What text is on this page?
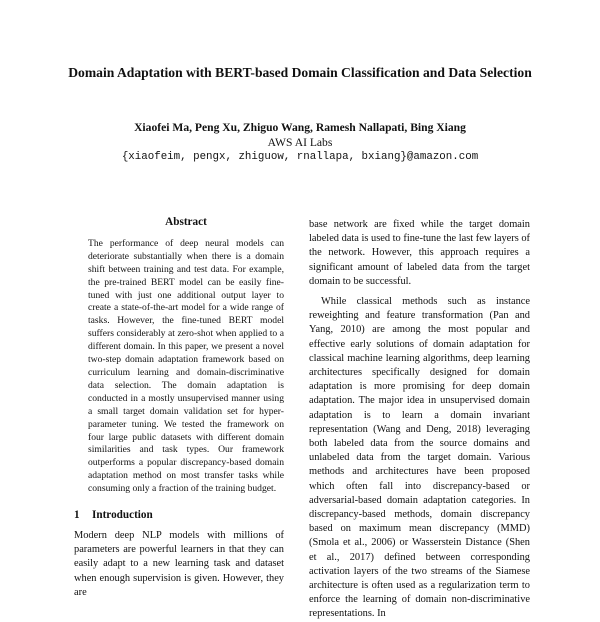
Domain Adaptation with BERT-based Domain Classification and Data Selection
Xiaofei Ma, Peng Xu, Zhiguo Wang, Ramesh Nallapati, Bing Xiang
AWS AI Labs
{xiaofeim, pengx, zhiguow, rnallapa, bxiang}@amazon.com
Abstract

The performance of deep neural models can deteriorate substantially when there is a domain shift between training and test data. For example, the pre-trained BERT model can be easily fine-tuned with just one additional output layer to create a state-of-the-art model for a wide range of tasks. However, the fine-tuned BERT model suffers considerably at zero-shot when applied to a different domain. In this paper, we present a novel two-step domain adaptation framework based on curriculum learning and domain-discriminative data selection. The domain adaptation is conducted in a mostly unsupervised manner using a small target domain validation set for hyper-parameter tuning. We tested the framework on four large public datasets with different domain similarities and task types. Our framework outperforms a popular discrepancy-based domain adaptation method on most transfer tasks while consuming only a fraction of the training budget.

1 Introduction

Modern deep NLP models with millions of parameters are powerful learners in that they can easily adapt to a new learning task and dataset when enough supervision is given. However, they are

base network are fixed while the target domain labeled data is used to fine-tune the last few layers of the network. However, this approach requires a significant amount of labeled data from the target domain to be successful.

While classical methods such as instance reweighting and feature transformation (Pan and Yang, 2010) are among the most popular and effective early solutions of domain adaptation for classical machine learning algorithms, deep learning architectures specifically designed for domain adaptation is more promising for deep domain adaptation. The major idea in unsupervised domain adaptation is to learn a domain invariant representation (Wang and Deng, 2018) leveraging both labeled data from the source domains and unlabeled data from the target domain. Various methods and architectures have been proposed which often fall into discrepancy-based or adversarial-based domain adaptation categories. In discrepancy-based methods, domain discrepancy based on maximum mean discrepancy (MMD) (Smola et al., 2006) or Wasserstein Distance (Shen et al., 2017) defined between corresponding activation layers of the two streams of the Siamese architecture is often used as a regularization term to enforce the learning of domain non-discriminative representations. In
